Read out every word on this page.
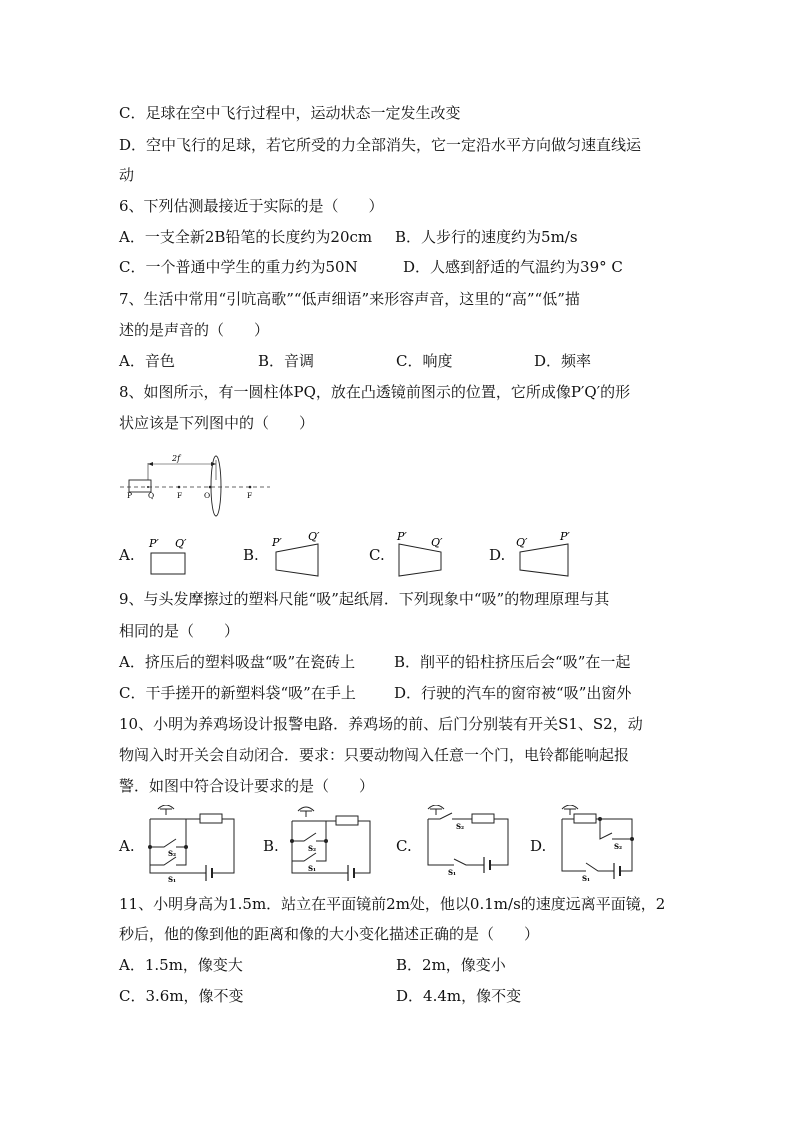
C．足球在空中飞行过程中，运动状态一定发生改变
D．空中飞行的足球，若它所受的力全部消失，它一定沿水平方向做匀速直线运
动
6、下列估测最接近于实际的是（　　）
A．一支全新2B铅笔的长度约为20cm B．人步行的速度约为5m/s
C．一个普通中学生的重力约为50N	D．人感到舒适的气温约为39° C
7、生活中常用“引吭高歌”“低声细语”来形容声音，这里的“高”“低”描
述的是声音的（　　）
A．音色	B．音调	C．响度	D．频率
8、如图所示，有一圆柱体PQ，放在凸透镜前图示的位置，它所成像P′Q′的形
状应该是下列图中的（　　）
2f
P Q	F	O	F
A.
P′ Q′
B.
P′ Q′
C.
P′ Q′
D.
Q′	P′
9、与头发摩擦过的塑料尺能“吸”起纸屑．下列现象中“吸”的物理原理与其
相同的是（　　）
A．挤压后的塑料吸盘“吸”在瓷砖上	B．削平的铅柱挤压后会“吸”在一起
C．干手搓开的新塑料袋“吸”在手上	D．行驶的汽车的窗帘被“吸”出窗外
10、小明为养鸡场设计报警电路．养鸡场的前、后门分别装有开关S1、S2，动
物闯入时开关会自动闭合．要求：只要动物闯入任意一个门，电铃都能响起报
警．如图中符合设计要求的是（　　）
A.	S₂
S₁
B.	S₂
S₁
C.
S₂
S₁
D.	S₂
S₁
11、小明身高为1.5m．站立在平面镜前2m处，他以0.1m/s的速度远离平面镜，2
秒后，他的像到他的距离和像的大小变化描述正确的是（　　）
A．1.5m，像变大	B．2m，像变小
C．3.6m，像不变	D．4.4m，像不变
